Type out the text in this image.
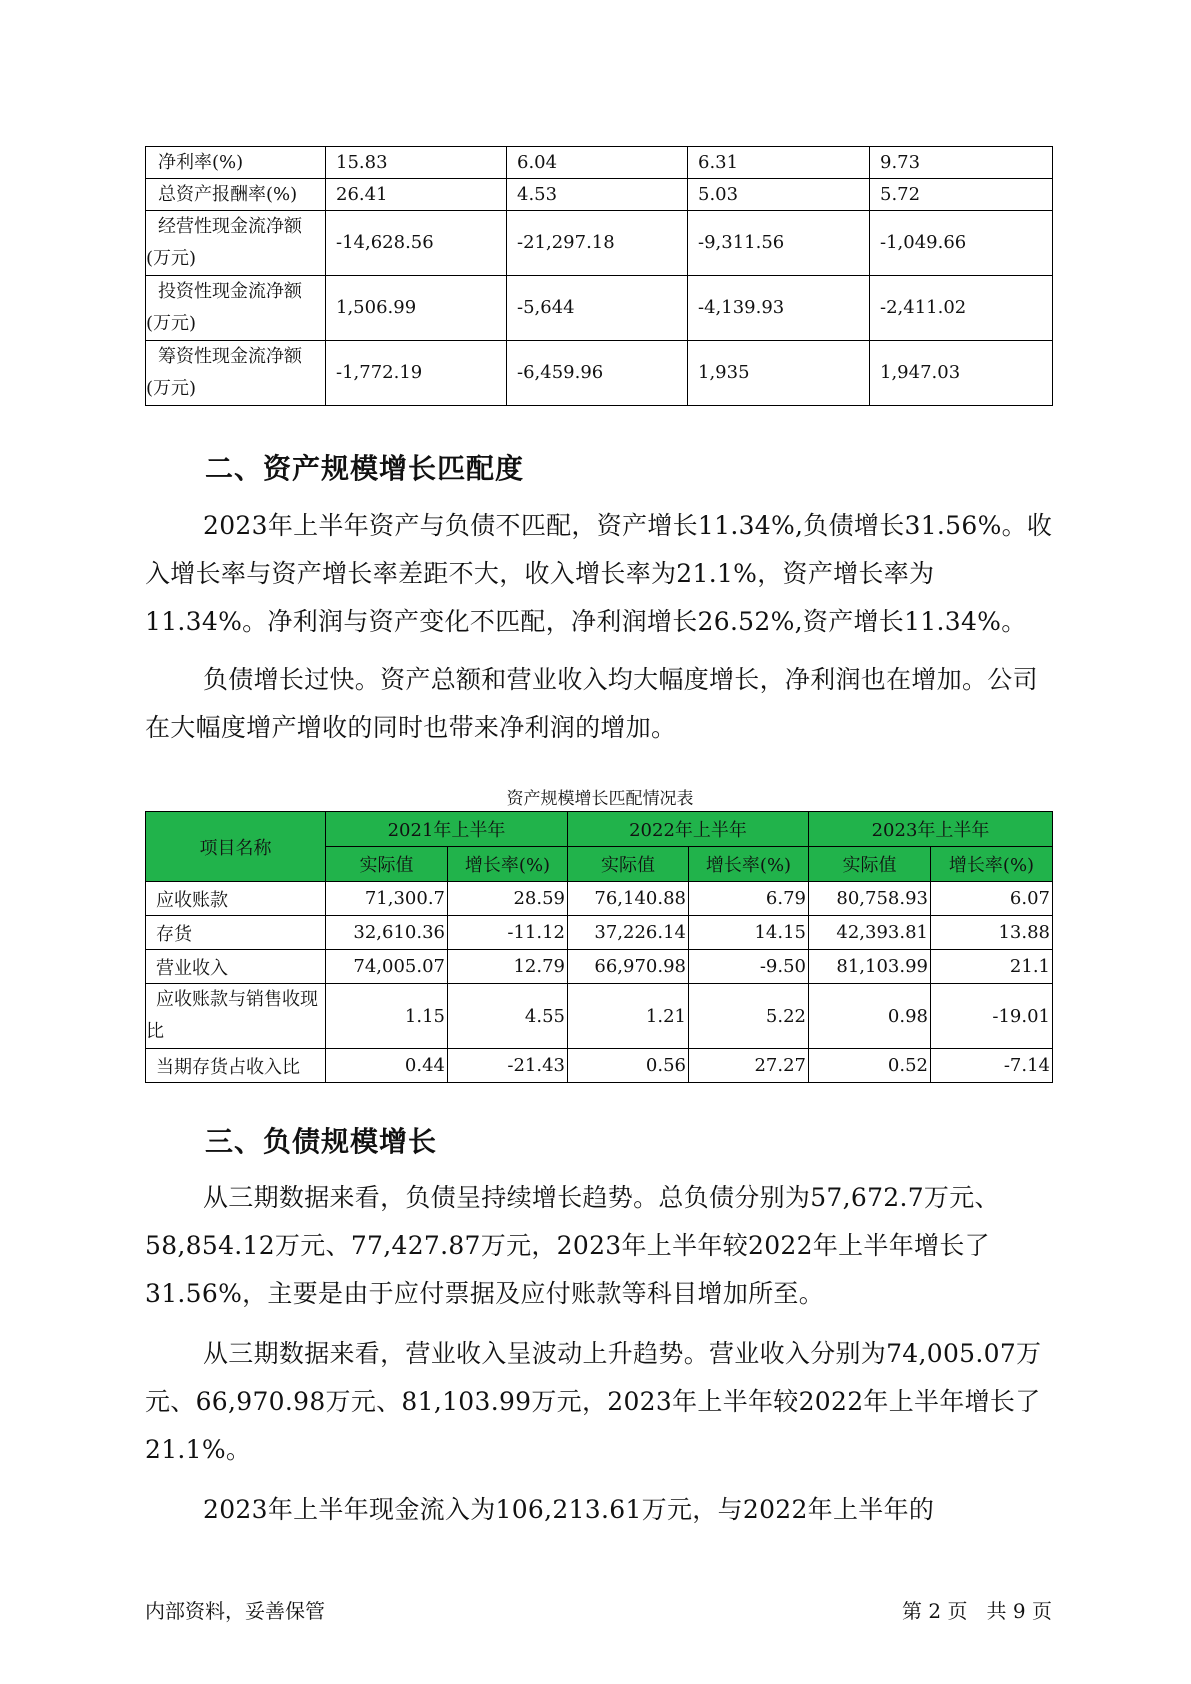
净利率(%)	15.83	6.04	6.31	9.73
总资产报酬率(%)	26.41	4.53	5.03	5.72
经营性现金流净额(万元)	-14,628.56	-21,297.18	-9,311.56	-1,049.66
投资性现金流净额(万元)	1,506.99	-5,644	-4,139.93	-2,411.02
筹资性现金流净额(万元)	-1,772.19	-6,459.96	1,935	1,947.03
二、资产规模增长匹配度

2023年上半年资产与负债不匹配，资产增长11.34%,负债增长31.56%。收入增长率与资产增长率差距不大，收入增长率为21.1%，资产增长率为11.34%。净利润与资产变化不匹配，净利润增长26.52%,资产增长11.34%。

负债增长过快。资产总额和营业收入均大幅度增长，净利润也在增加。公司在大幅度增产增收的同时也带来净利润的增加。

资产规模增长匹配情况表
项目名称	2021年上半年		2022年上半年		2023年上半年	
	实际值	增长率(%)	实际值	增长率(%)	实际值	增长率(%)
应收账款	71,300.7	28.59	76,140.88	6.79	80,758.93	6.07
存货	32,610.36	-11.12	37,226.14	14.15	42,393.81	13.88
营业收入	74,005.07	12.79	66,970.98	-9.50	81,103.99	21.1
应收账款与销售收现比	1.15	4.55	1.21	5.22	0.98	-19.01
当期存货占收入比	0.44	-21.43	0.56	27.27	0.52	-7.14
三、负债规模增长

从三期数据来看，负债呈持续增长趋势。总负债分别为57,672.7万元、58,854.12万元、77,427.87万元，2023年上半年较2022年上半年增长了31.56%，主要是由于应付票据及应付账款等科目增加所至。

从三期数据来看，营业收入呈波动上升趋势。营业收入分别为74,005.07万元、66,970.98万元、81,103.99万元，2023年上半年较2022年上半年增长了21.1%。

2023年上半年现金流入为106,213.61万元，与2022年上半年的

内部资料，妥善保管	第 2 页   共 9 页
